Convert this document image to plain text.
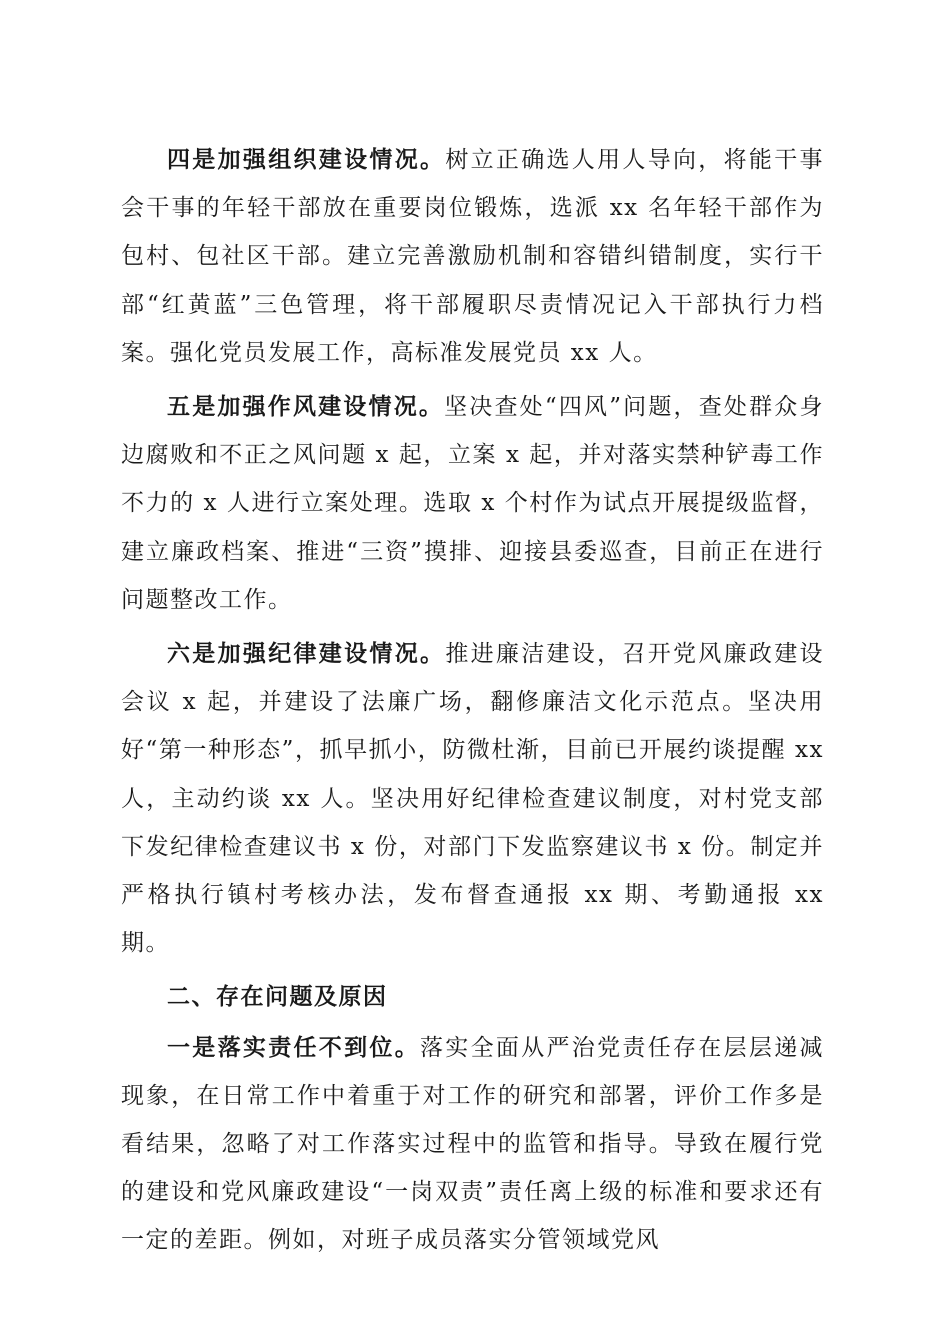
四是加强组织建设情况。树立正确选人用人导向，将能干事会干事的年轻干部放在重要岗位锻炼，选派 xx 名年轻干部作为包村、包社区干部。建立完善激励机制和容错纠错制度，实行干部“红黄蓝”三色管理，将干部履职尽责情况记入干部执行力档案。强化党员发展工作，高标准发展党员 xx 人。

五是加强作风建设情况。坚决查处“四风”问题，查处群众身边腐败和不正之风问题 x 起，立案 x 起，并对落实禁种铲毒工作不力的 x 人进行立案处理。选取 x 个村作为试点开展提级监督，建立廉政档案、推进“三资”摸排、迎接县委巡查，目前正在进行问题整改工作。

六是加强纪律建设情况。推进廉洁建设，召开党风廉政建设会议 x 起，并建设了法廉广场，翻修廉洁文化示范点。坚决用好“第一种形态”，抓早抓小，防微杜渐，目前已开展约谈提醒 xx 人，主动约谈 xx 人。坚决用好纪律检查建议制度，对村党支部下发纪律检查建议书 x 份，对部门下发监察建议书 x 份。制定并严格执行镇村考核办法，发布督查通报 xx 期、考勤通报 xx 期。

二、存在问题及原因

一是落实责任不到位。落实全面从严治党责任存在层层递减现象，在日常工作中着重于对工作的研究和部署，评价工作多是看结果，忽略了对工作落实过程中的监管和指导。导致在履行党的建设和党风廉政建设“一岗双责”责任离上级的标准和要求还有一定的差距。例如，对班子成员落实分管领域党风
